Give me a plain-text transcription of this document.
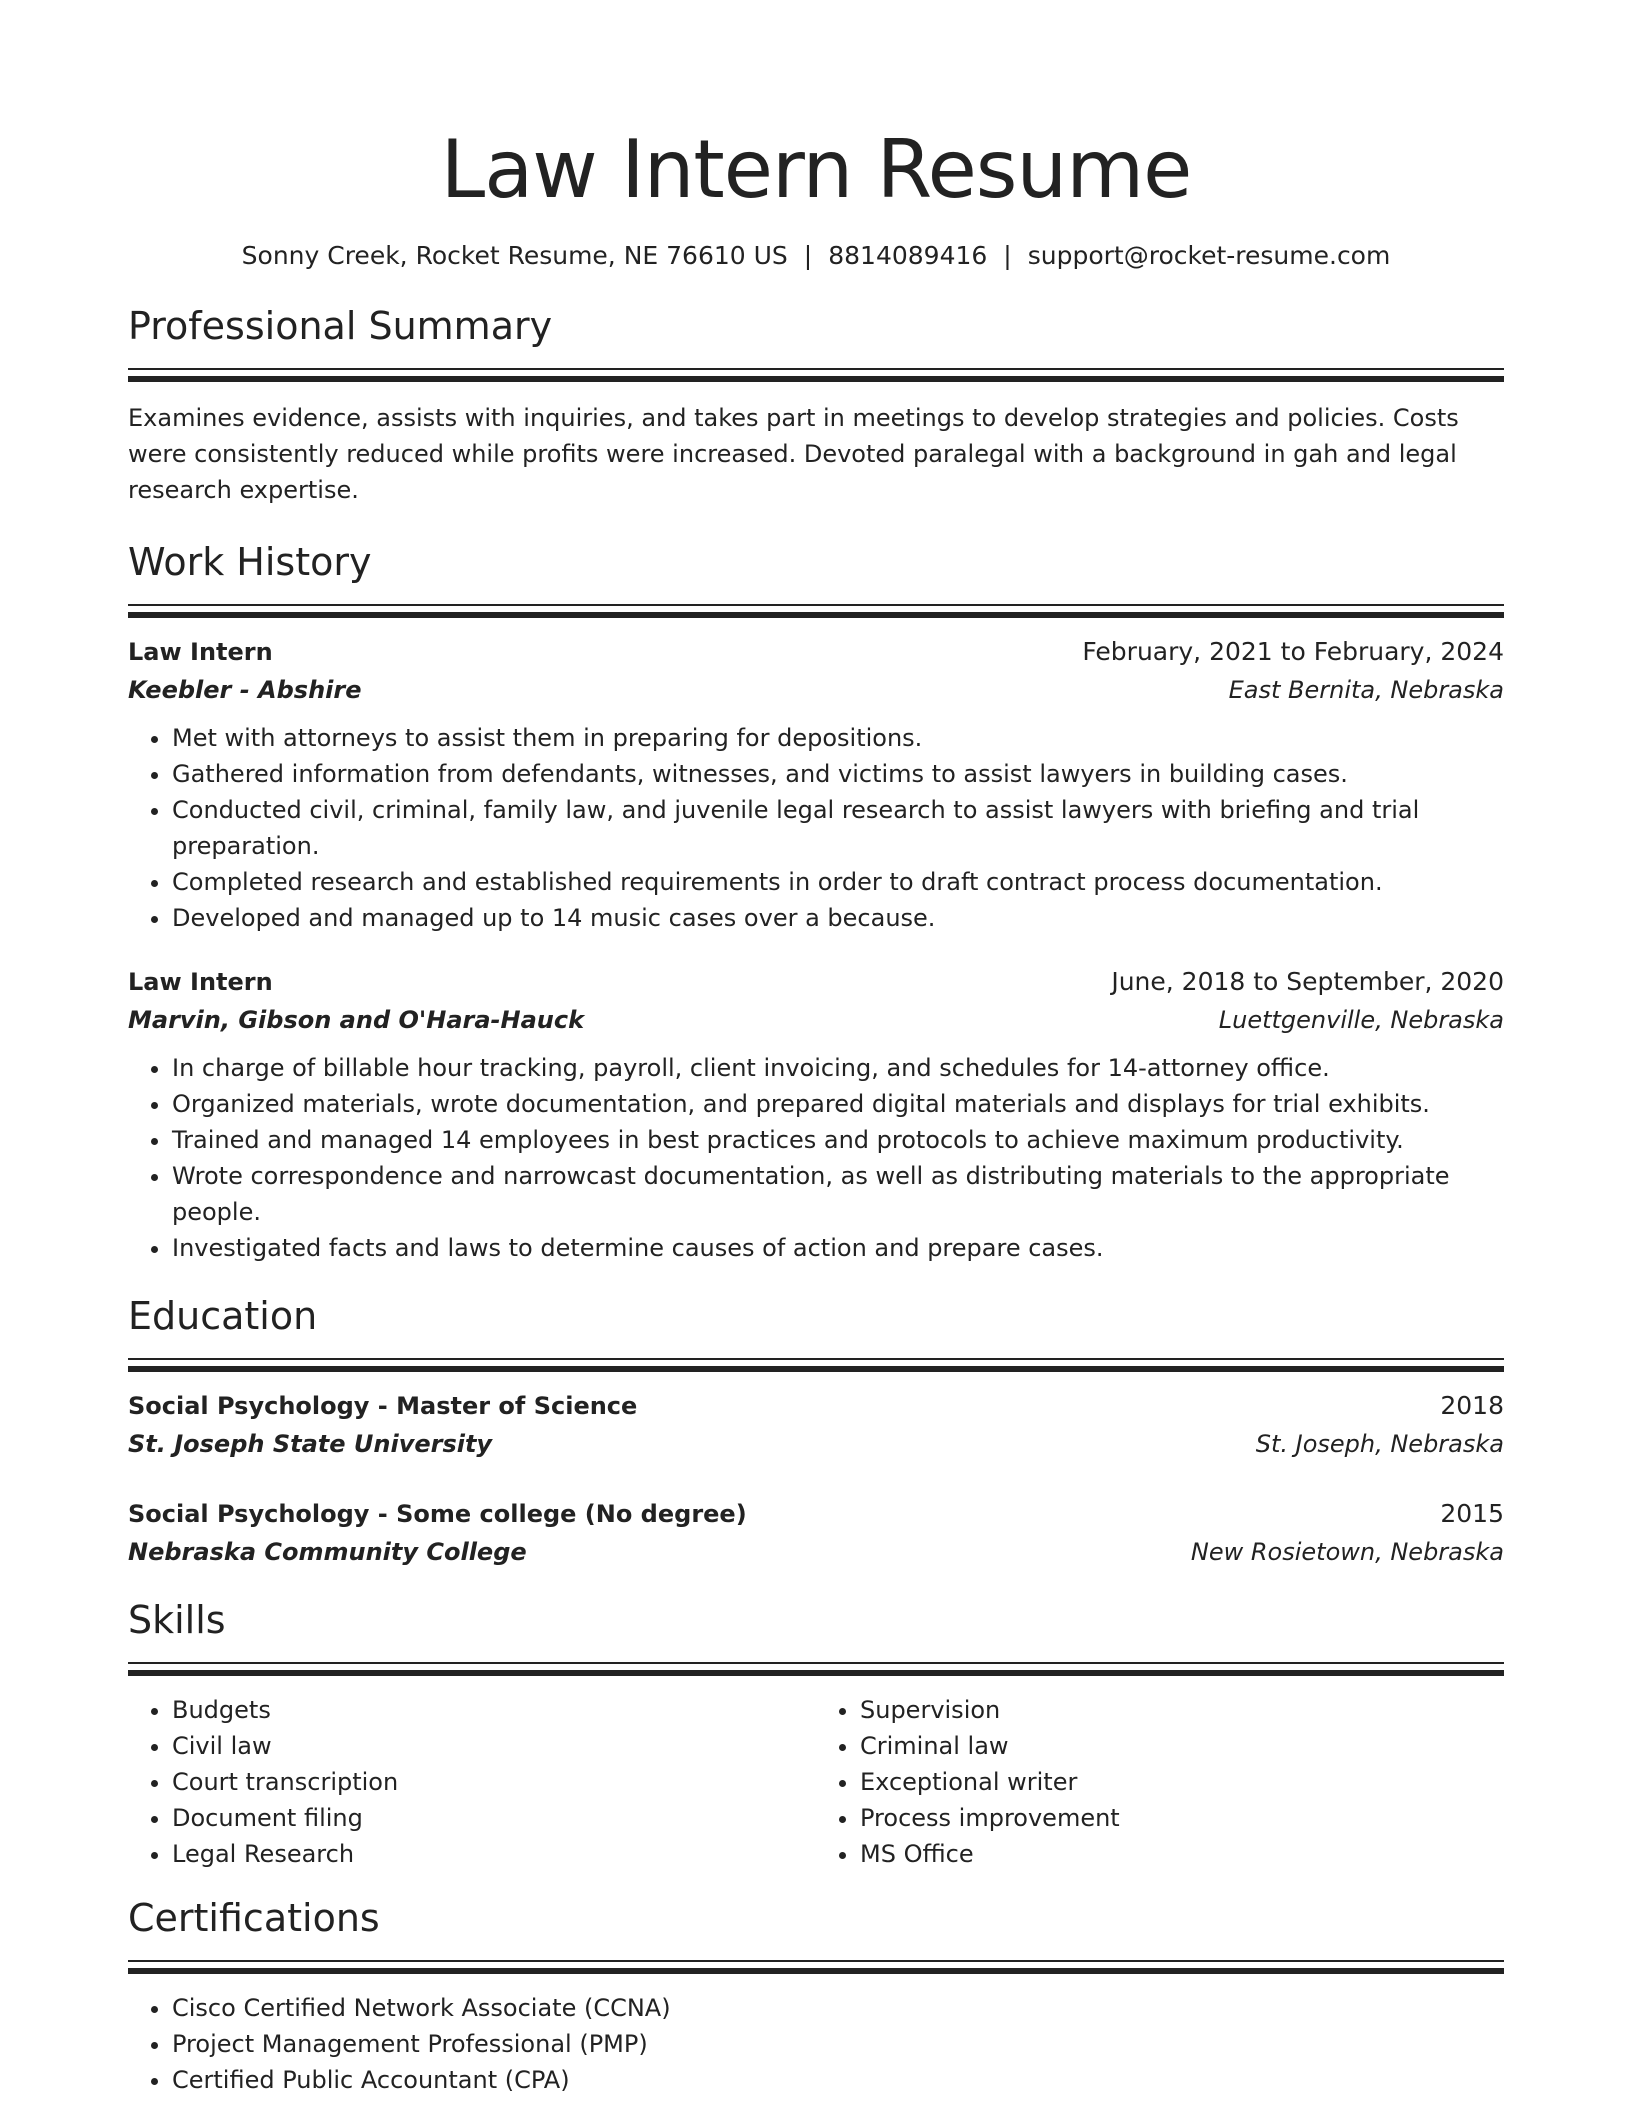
Law Intern Resume
Sonny Creek, Rocket Resume, NE 76610 US | 8814089416 | support@rocket-resume.com
Professional Summary

Examines evidence, assists with inquiries, and takes part in meetings to develop strategies and policies. Costs were consistently reduced while profits were increased. Devoted paralegal with a background in gah and legal research expertise.

Work History
Law Intern	February, 2021 to February, 2024
Keebler - Abshire	East Bernita, Nebraska
• Met with attorneys to assist them in preparing for depositions.
• Gathered information from defendants, witnesses, and victims to assist lawyers in building cases.
• Conducted civil, criminal, family law, and juvenile legal research to assist lawyers with briefing and trial preparation.
• Completed research and established requirements in order to draft contract process documentation.
• Developed and managed up to 14 music cases over a because.
Law Intern	June, 2018 to September, 2020
Marvin, Gibson and O'Hara-Hauck	Luettgenville, Nebraska
• In charge of billable hour tracking, payroll, client invoicing, and schedules for 14-attorney office.
• Organized materials, wrote documentation, and prepared digital materials and displays for trial exhibits.
• Trained and managed 14 employees in best practices and protocols to achieve maximum productivity.
• Wrote correspondence and narrowcast documentation, as well as distributing materials to the appropriate people.
• Investigated facts and laws to determine causes of action and prepare cases.
Education
Social Psychology - Master of Science	2018
St. Joseph State University	St. Joseph, Nebraska
Social Psychology - Some college (No degree)	2015
Nebraska Community College	New Rosietown, Nebraska
Skills
• Budgets
• Civil law
• Court transcription
• Document filing
• Legal Research
• Supervision
• Criminal law
• Exceptional writer
• Process improvement
• MS Office
Certifications
• Cisco Certified Network Associate (CCNA)
• Project Management Professional (PMP)
• Certified Public Accountant (CPA)
